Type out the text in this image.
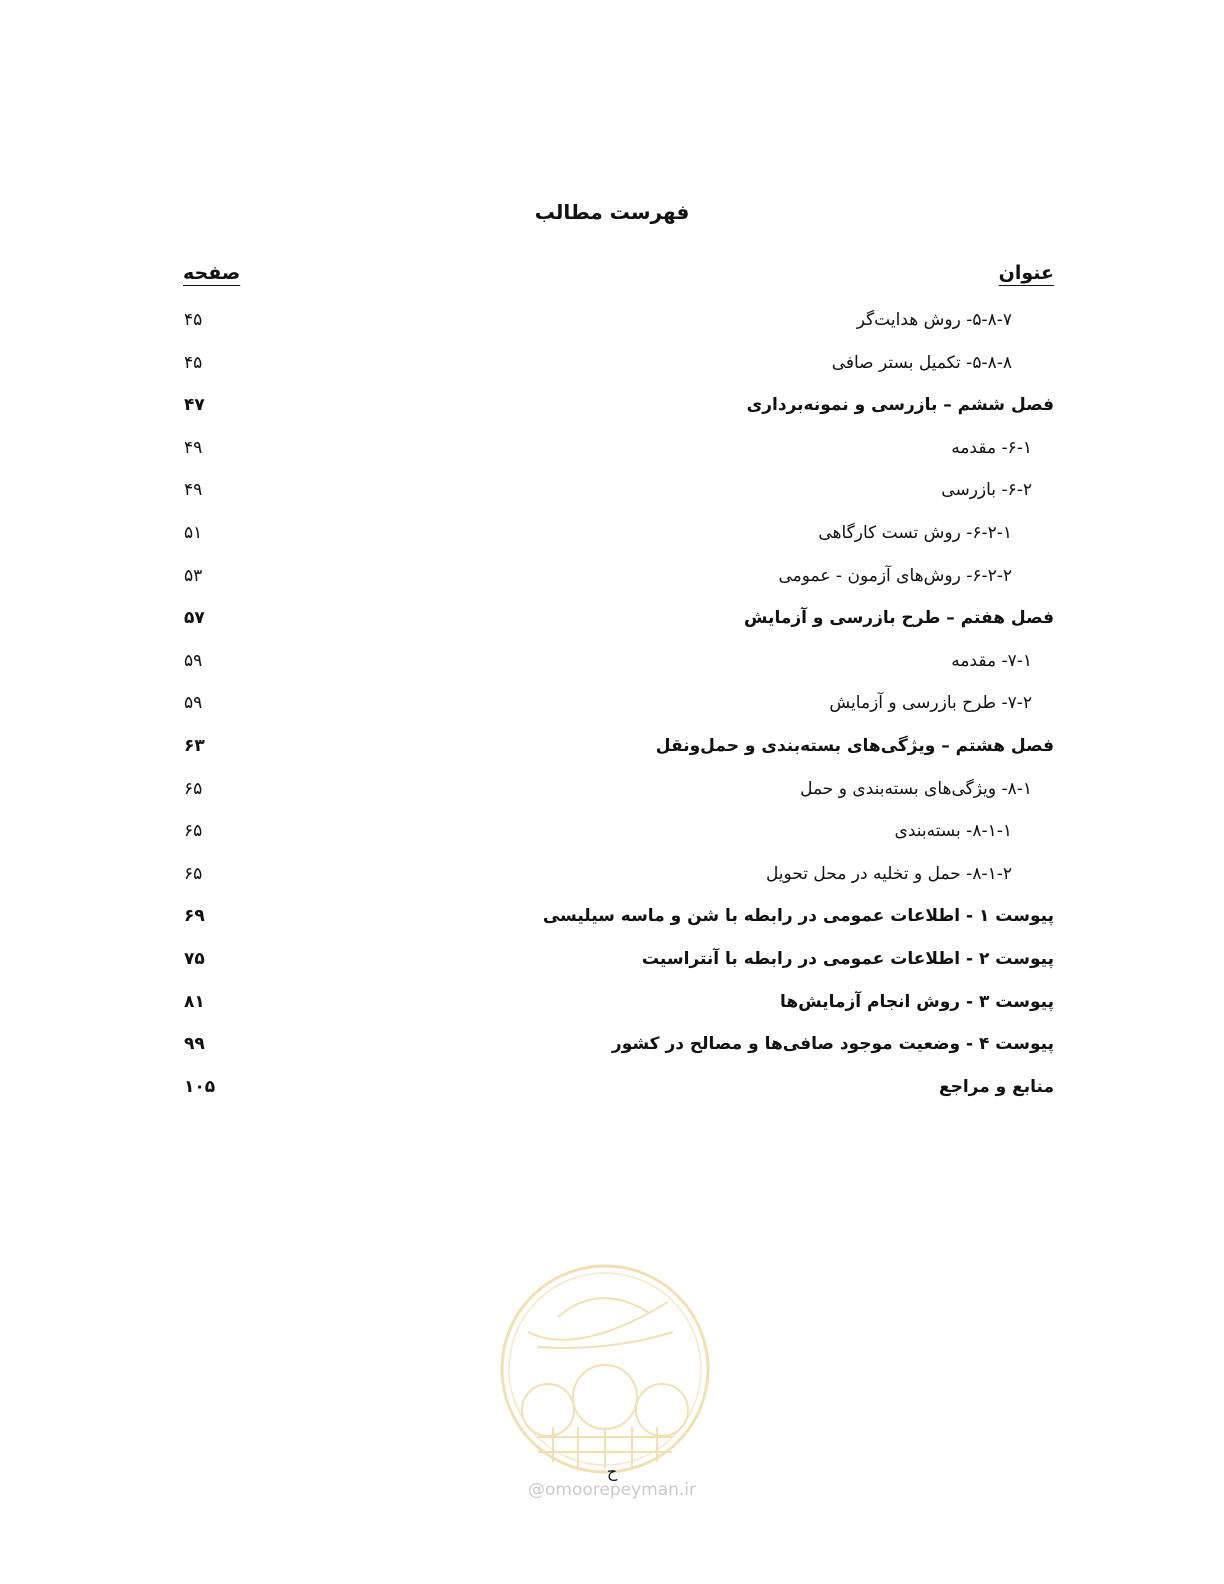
فهرست مطالب
عنوان
صفحه
۵-۸-۷- روش هدایت‌گر
۴۵
۵-۸-۸- تکمیل بستر صافی
۴۵
فصل ششم – بازرسی و نمونه‌برداری
۴۷
۶-۱- مقدمه
۴۹
۶-۲- بازرسی
۴۹
۶-۲-۱- روش تست کارگاهی
۵۱
۶-۲-۲- روش‌های آزمون - عمومی
۵۳
فصل هفتم – طرح بازرسی و آزمایش
۵۷
۷-۱- مقدمه
۵۹
۷-۲- طرح بازرسی و آزمایش
۵۹
فصل هشتم – ویژگی‌های بسته‌بندی و حمل‌ونقل
۶۳
۸-۱- ویژگی‌های بسته‌بندی و حمل
۶۵
۸-۱-۱- بسته‌بندی
۶۵
۸-۱-۲- حمل و تخلیه در محل تحویل
۶۵
پیوست ۱ - اطلاعات عمومی در رابطه با شن و ماسه سیلیسی
۶۹
پیوست ۲ - اطلاعات عمومی در رابطه با آنتراسیت
۷۵
پیوست ۳ - روش انجام آزمایش‌ها
۸۱
پیوست ۴ - وضعیت موجود صافی‌ها و مصالح در کشور
۹۹
منابع و مراجع
۱۰۵
ح
@omoorepeyman.ir
